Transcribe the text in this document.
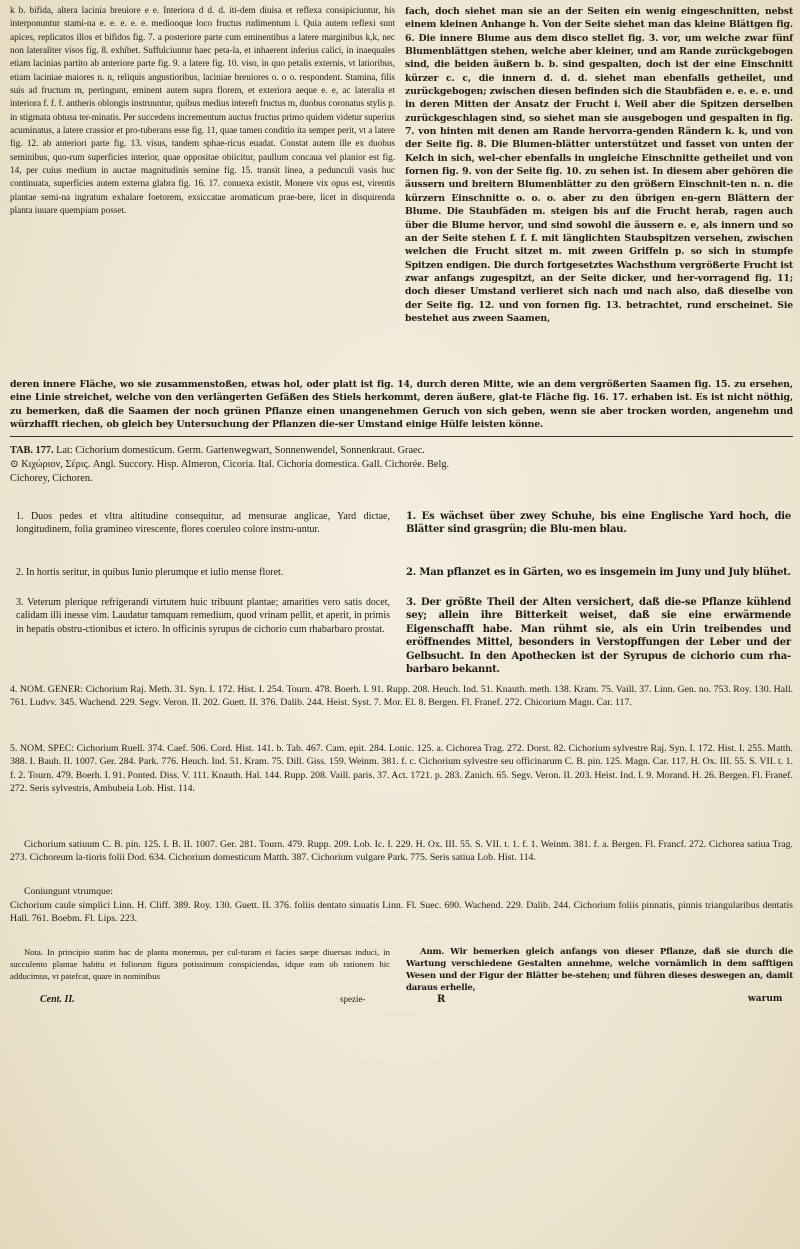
k b. bifida, altera lacinia breuiore e e. Interiora d d. d. iti-dem diuisa et reflexa consipiciuntur, his interponuntur stami-na e. e. e. e. e. mediooque loco fructus rudimentum i. Quia autem reflexi sunt apices, replicatos illos et bifidos fig. 7. a posteriore parte cum eminentibus a latere marginibus k,k, nec non lateraliter visos fig. 8. exhibet. Suffulciuntur haec peta-la, et inhaerent inferius calici, in inaequales etiam lacinias partito ab anteriore parte fig. 9. a latere fig. 10. viso, in quo petalis externis, vt latioribus, etiam laciniae maiores n. n, reliquis angustioribus, laciniae breuiores o. o o. respondent. Stamina, filis suis ad fructum m, pertingunt, eminent autem supra florem, et exteriora aeque e. e, ac lateralia et interiora f. f. f. antheris oblongis instruuntur, quibus medius intereft fructus m, duobus coronatus stylis p. in stigmata obtusa ter-minatis. Per succedens incrementum auctus fructus primo quidem videtur superius acuminatus, a latere crassior et pro-tuberans esse fig. 11, quae tamen conditio ita semper perit, vt a latere fig. 12. ab anteriori parte fig. 13. visus, tandem sphae-ricus euadat. Constat autem ille ex duobus seminibus, quo-rum superficies interior, quae oppositae obiicitur, paullum concaua vel planior est fig. 14, per cuius medium in auctae magnitudinis semine fig. 15. transit linea, a pedunculi vasis huc continuata, superficies autem externa glabra fig. 16. 17. conuexa existit. Monere vix opus est, virentis plantae semi-na ingratum exhalare foetorem, exsiccatae aromaticum prae-bere, licet in disquirenda planta iuuare quempiam posset.
fach, doch siehet man sie an der Seiten ein wenig eingeschnitten, nebst einem kleinen Anhange h. Von der Seite siehet man das kleine Blättgen fig. 6. Die innere Blume aus dem disco stellet fig. 3. vor, um welche zwar fünf Blumenblättgen stehen, welche aber kleiner, und am Rande zurückgebogen sind, die beiden äußern b. b. sind gespalten, doch ist der eine Einschnitt kürzer c. c, die innern d. d. d. siehet man ebenfalls getheilet, und zurückgebogen; zwischen diesen befinden sich die Staubfäden e. e. e. e. und in deren Mitten der Ansatz der Frucht i. Weil aber die Spitzen derselben zurückgeschlagen sind, so siehet man sie ausgebogen und gespalten in fig. 7. von hinten mit denen am Rande hervorra-genden Rändern k. k, und von der Seite fig. 8. Die Blumen-blätter unterstützet und fasset von unten der Kelch in sich, wel-cher ebenfalls in ungleiche Einschnitte getheilet und von fornen fig. 9. von der Seite fig. 10. zu sehen ist. In diesem aber gehören die äussern und breitern Blumenblätter zu den größern Einschnit-ten n. n. die kürzern Einschnitte o. o. o. aber zu den übrigen en-gern Blättern der Blume. Die Staubfäden m. steigen bis auf die Frucht herab, ragen auch über die Blume hervor, und sind sowohl die äussern e. e, als innern und so an der Seite stehen f. f. f. mit länglichten Staubspitzen versehen, zwischen welchen die Frucht sitzet m. mit zween Griffeln p. so sich in stumpfe Spitzen endigen. Die durch fortgesetztes Wachsthum vergrößerte Frucht ist zwar anfangs zugespitzt, an der Seite dicker, und her-vorragend fig. 11; doch dieser Umstand verlieret sich nach und nach also, daß dieselbe von der Seite fig. 12. und von fornen fig. 13. betrachtet, rund erscheinet. Sie bestehet aus zween Saamen,
deren innere Fläche, wo sie zusammenstoßen, etwas hol, oder platt ist fig. 14, durch deren Mitte, wie an dem vergrößerten Saamen fig. 15. zu ersehen, eine Linie streichet, welche von den verlängerten Gefäßen des Stiels herkommt, deren äußere, glat-te Fläche fig. 16. 17. erhaben ist. Es ist nicht nöthig, zu bemerken, daß die Saamen der noch grünen Pflanze einen unangenehmen Geruch von sich geben, wenn sie aber trocken worden, angenehm und würzhafft riechen, ob gleich bey Untersuchung der Pflanzen die-ser Umstand einige Hülfe leisten könne.
TAB. 177. Lat: Cichorium domesticum. Germ. Gartenwegwart, Sonnenwendel, Sonnenkraut. Graec.
⊙ Κιχώριον, Σέρις. Angl. Succory. Hisp. Almeron, Cicoria. Ital. Cichoria domestica. Gall. Cichorée. Belg.
Cichorey, Cichoren.
1. Duos pedes et vltra altitudine consequitur, ad mensurae anglicae, Yard dictae, longitudinem, folia gramineo virescente, flores coeruleo colore instru-untur.
1. Es wächset über zwey Schuhe, bis eine Englische Yard hoch, die Blätter sind grasgrün; die Blu-men blau.
2. In hortis seritur, in quibus Iunio plerumque et iulio mense floret.	2. Man pflanzet es in Gärten, wo es insgemein im Juny und July blühet.
3. Veterum plerique refrigerandi virtutem huic tribuunt plantae; amarities vero satis docet, calidam illi inesse vim. Laudatur tamquam remedium, quod vrinam pellit, et aperit, in primis in hepatis obstru-ctionibus et ictero. In officinis syrupus de cichorio cum rhabarbaro prostat.
3. Der größte Theil der Alten versichert, daß die-se Pflanze kühlend sey; allein ihre Bitterkeit weiset, daß sie eine erwärmende Eigenschafft habe. Man rühmt sie, als ein Urin treibendes und eröffnendes Mittel, besonders in Verstopffungen der Leber und der Gelbsucht. In den Apothecken ist der Syrupus de cichorio cum rha-barbaro bekannt.
4. NOM. GENER: Cichorium Raj. Meth. 31. Syn. I. 172. Hist. I. 254. Tourn. 478. Boerh. I. 91. Rupp. 208. Heuch. Ind. 51. Knauth. meth. 138. Kram. 75. Vaill. 37. Linn. Gen. no. 753. Roy. 130. Hall. 761. Ludvv. 345. Wachend. 229. Segv. Veron. II. 202. Guett. II. 376. Dalib. 244. Heist. Syst. 7. Mor. El. 8. Bergen. Fl. Franef. 272. Chicorium Magn. Car. 117.
5. NOM. SPEC: Cichorium Ruell. 374. Caef. 506. Cord. Hist. 141. b. Tab. 467. Cam. epit. 284. Lonic. 125. a. Cichorea Trag. 272. Dorst. 82. Cichorium sylvestre Raj. Syn. I. 172. Hist. I. 255. Matth. 388. I. Bauh. II. 1007. Ger. 284. Park. 776. Heuch. Ind. 51. Kram. 75. Dill. Giss. 159. Weinm. 381. f. c. Cichorium sylvestre seu officinarum C. B. pin. 125. Magn. Car. 117. H. Ox. III. 55. S. VII. t. 1. f. 2. Tourn. 479. Boerh. I. 91. Ponted. Diss. V. 111. Knauth. Hal. 144. Rupp. 208. Vaill. paris. 37. Act. 1721. p. 283. Zanich. 65. Segv. Veron. II. 203. Heist. Ind. I. 9. Morand. H. 26. Bergen. Fl. Franef. 272. Seris sylvestris, Ambubeia Lob. Hist. 114.
Cichorium satiuum C. B. pin. 125. I. B. II. 1007. Ger. 281. Tourn. 479. Rupp. 209. Lob. Ic. I. 229. H. Ox. III. 55. S. VII. t. 1. f. 1. Weinm. 381. f. a. Bergen. Fl. Francf. 272. Cichorea satiua Trag. 273. Cichoreum la-tioris folii Dod. 634. Cichorium domesticum Matth. 387. Cichorium vulgare Park. 775. Seris satiua Lob. Hist. 114.
Coniungunt vtrumque:
Cichorium caule simplici Linn. H. Cliff. 389. Roy. 130. Guett. II. 376. foliis dentato sinuatis Linn. Fl. Suec. 690. Wachend. 229. Dalib. 244. Cichorium foliis pinnatis, pinnis triangularibus dentatis Hall. 761. Boebm. Fl. Lips. 223.
Nota. In principio statim hac de planta monemus, per cul-turam ei facies saepe diuersas induci, in succulento plantae habitu et foliorum figura potissimum conspiciendas, idque eam ob rationem hic adducimus, vt patefcat, quare in nominibus
Anm. Wir bemerken gleich anfangs von dieser Pflanze, daß sie durch die Wartung verschiedene Gestalten annehme, welche vornämlich in dem safftigen Wesen und der Figur der Blätter be-stehen; und führen dieses deswegen an, damit daraus erhelle,
Cent. II.	spezie-	R	warum
